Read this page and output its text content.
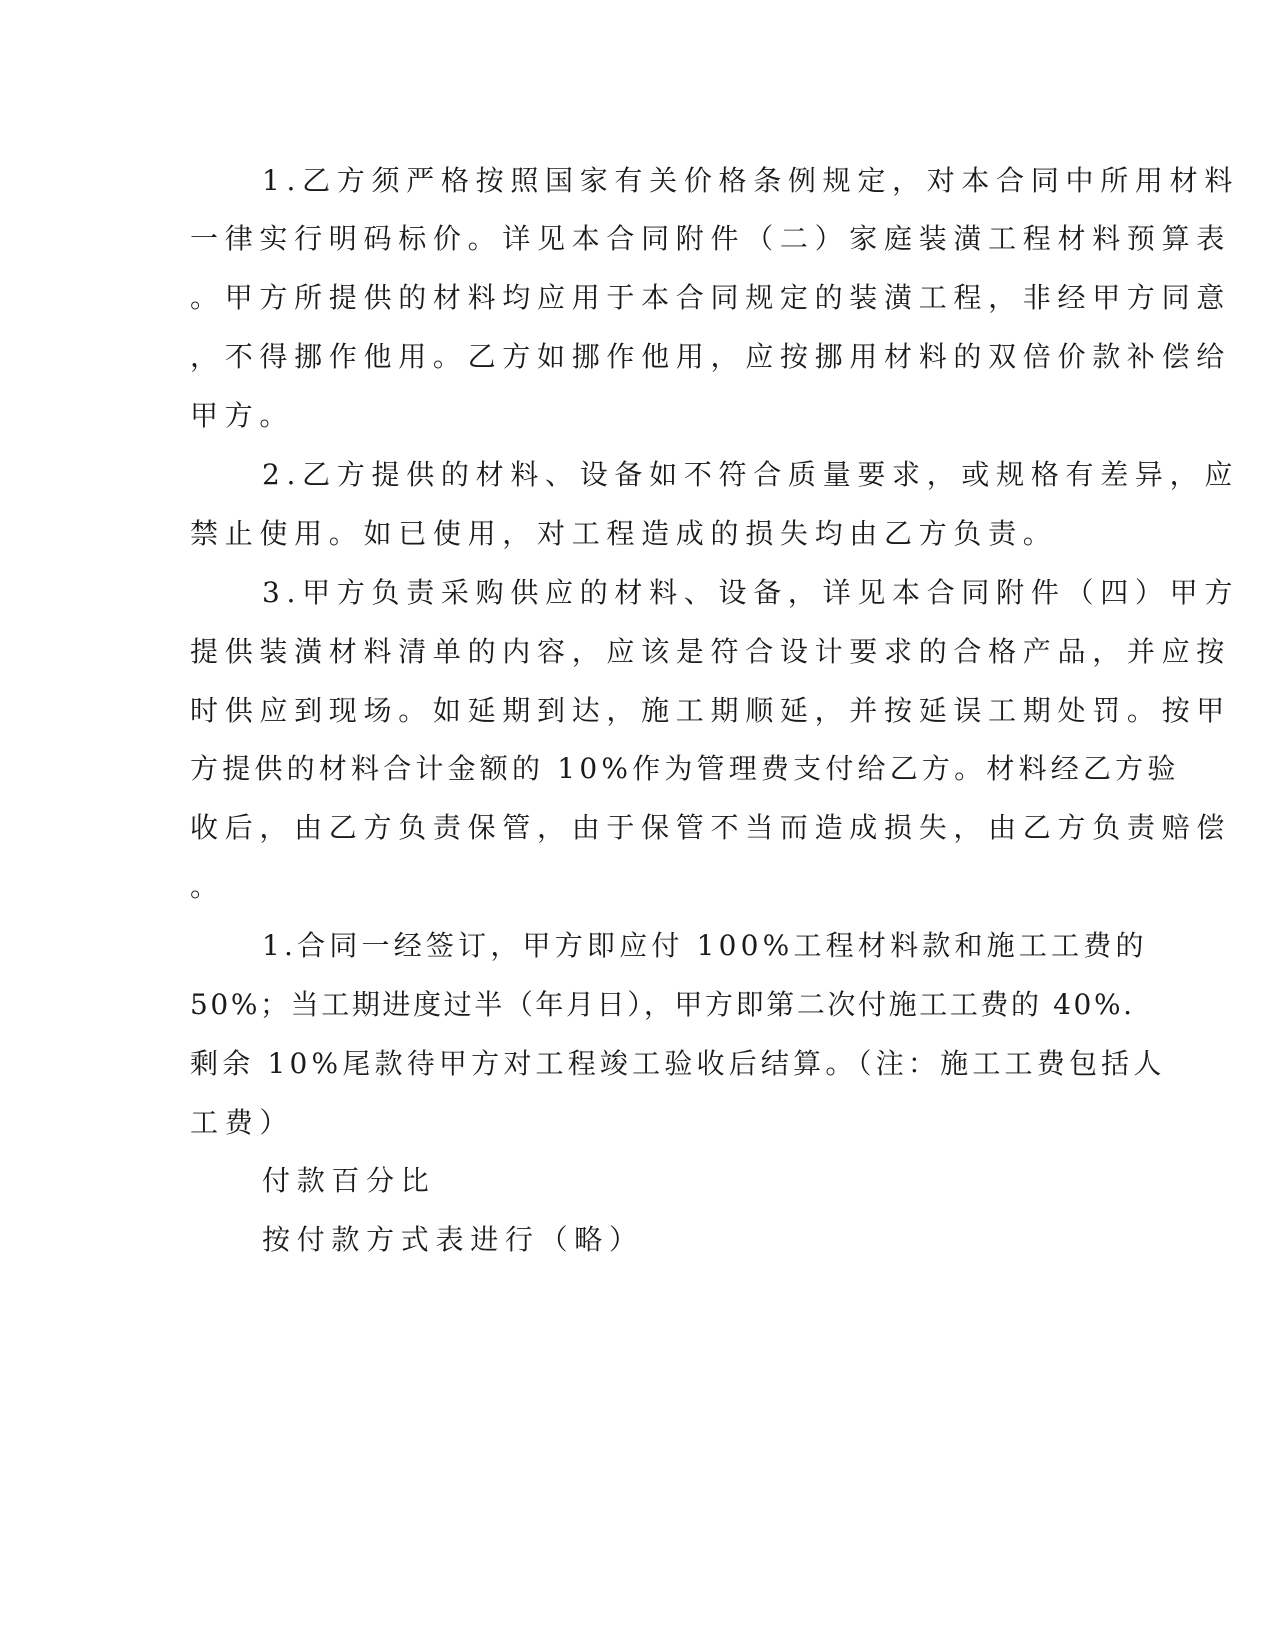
1.乙方须严格按照国家有关价格条例规定，对本合同中所用材料
一律实行明码标价。详见本合同附件（二）家庭装潢工程材料预算表
。甲方所提供的材料均应用于本合同规定的装潢工程，非经甲方同意
，不得挪作他用。乙方如挪作他用，应按挪用材料的双倍价款补偿给
甲方。
2.乙方提供的材料、设备如不符合质量要求，或规格有差异，应
禁止使用。如已使用，对工程造成的损失均由乙方负责。
3.甲方负责采购供应的材料、设备，详见本合同附件（四）甲方
提供装潢材料清单的内容，应该是符合设计要求的合格产品，并应按
时供应到现场。如延期到达，施工期顺延，并按延误工期处罚。按甲
方提供的材料合计金额的 10%作为管理费支付给乙方。材料经乙方验
收后，由乙方负责保管，由于保管不当而造成损失，由乙方负责赔偿
。
1.合同一经签订，甲方即应付 100%工程材料款和施工工费的
50%；当工期进度过半（年月日），甲方即第二次付施工工费的 40%.
剩余 10%尾款待甲方对工程竣工验收后结算。（注：施工工费包括人
工费）
付款百分比
按付款方式表进行（略）
